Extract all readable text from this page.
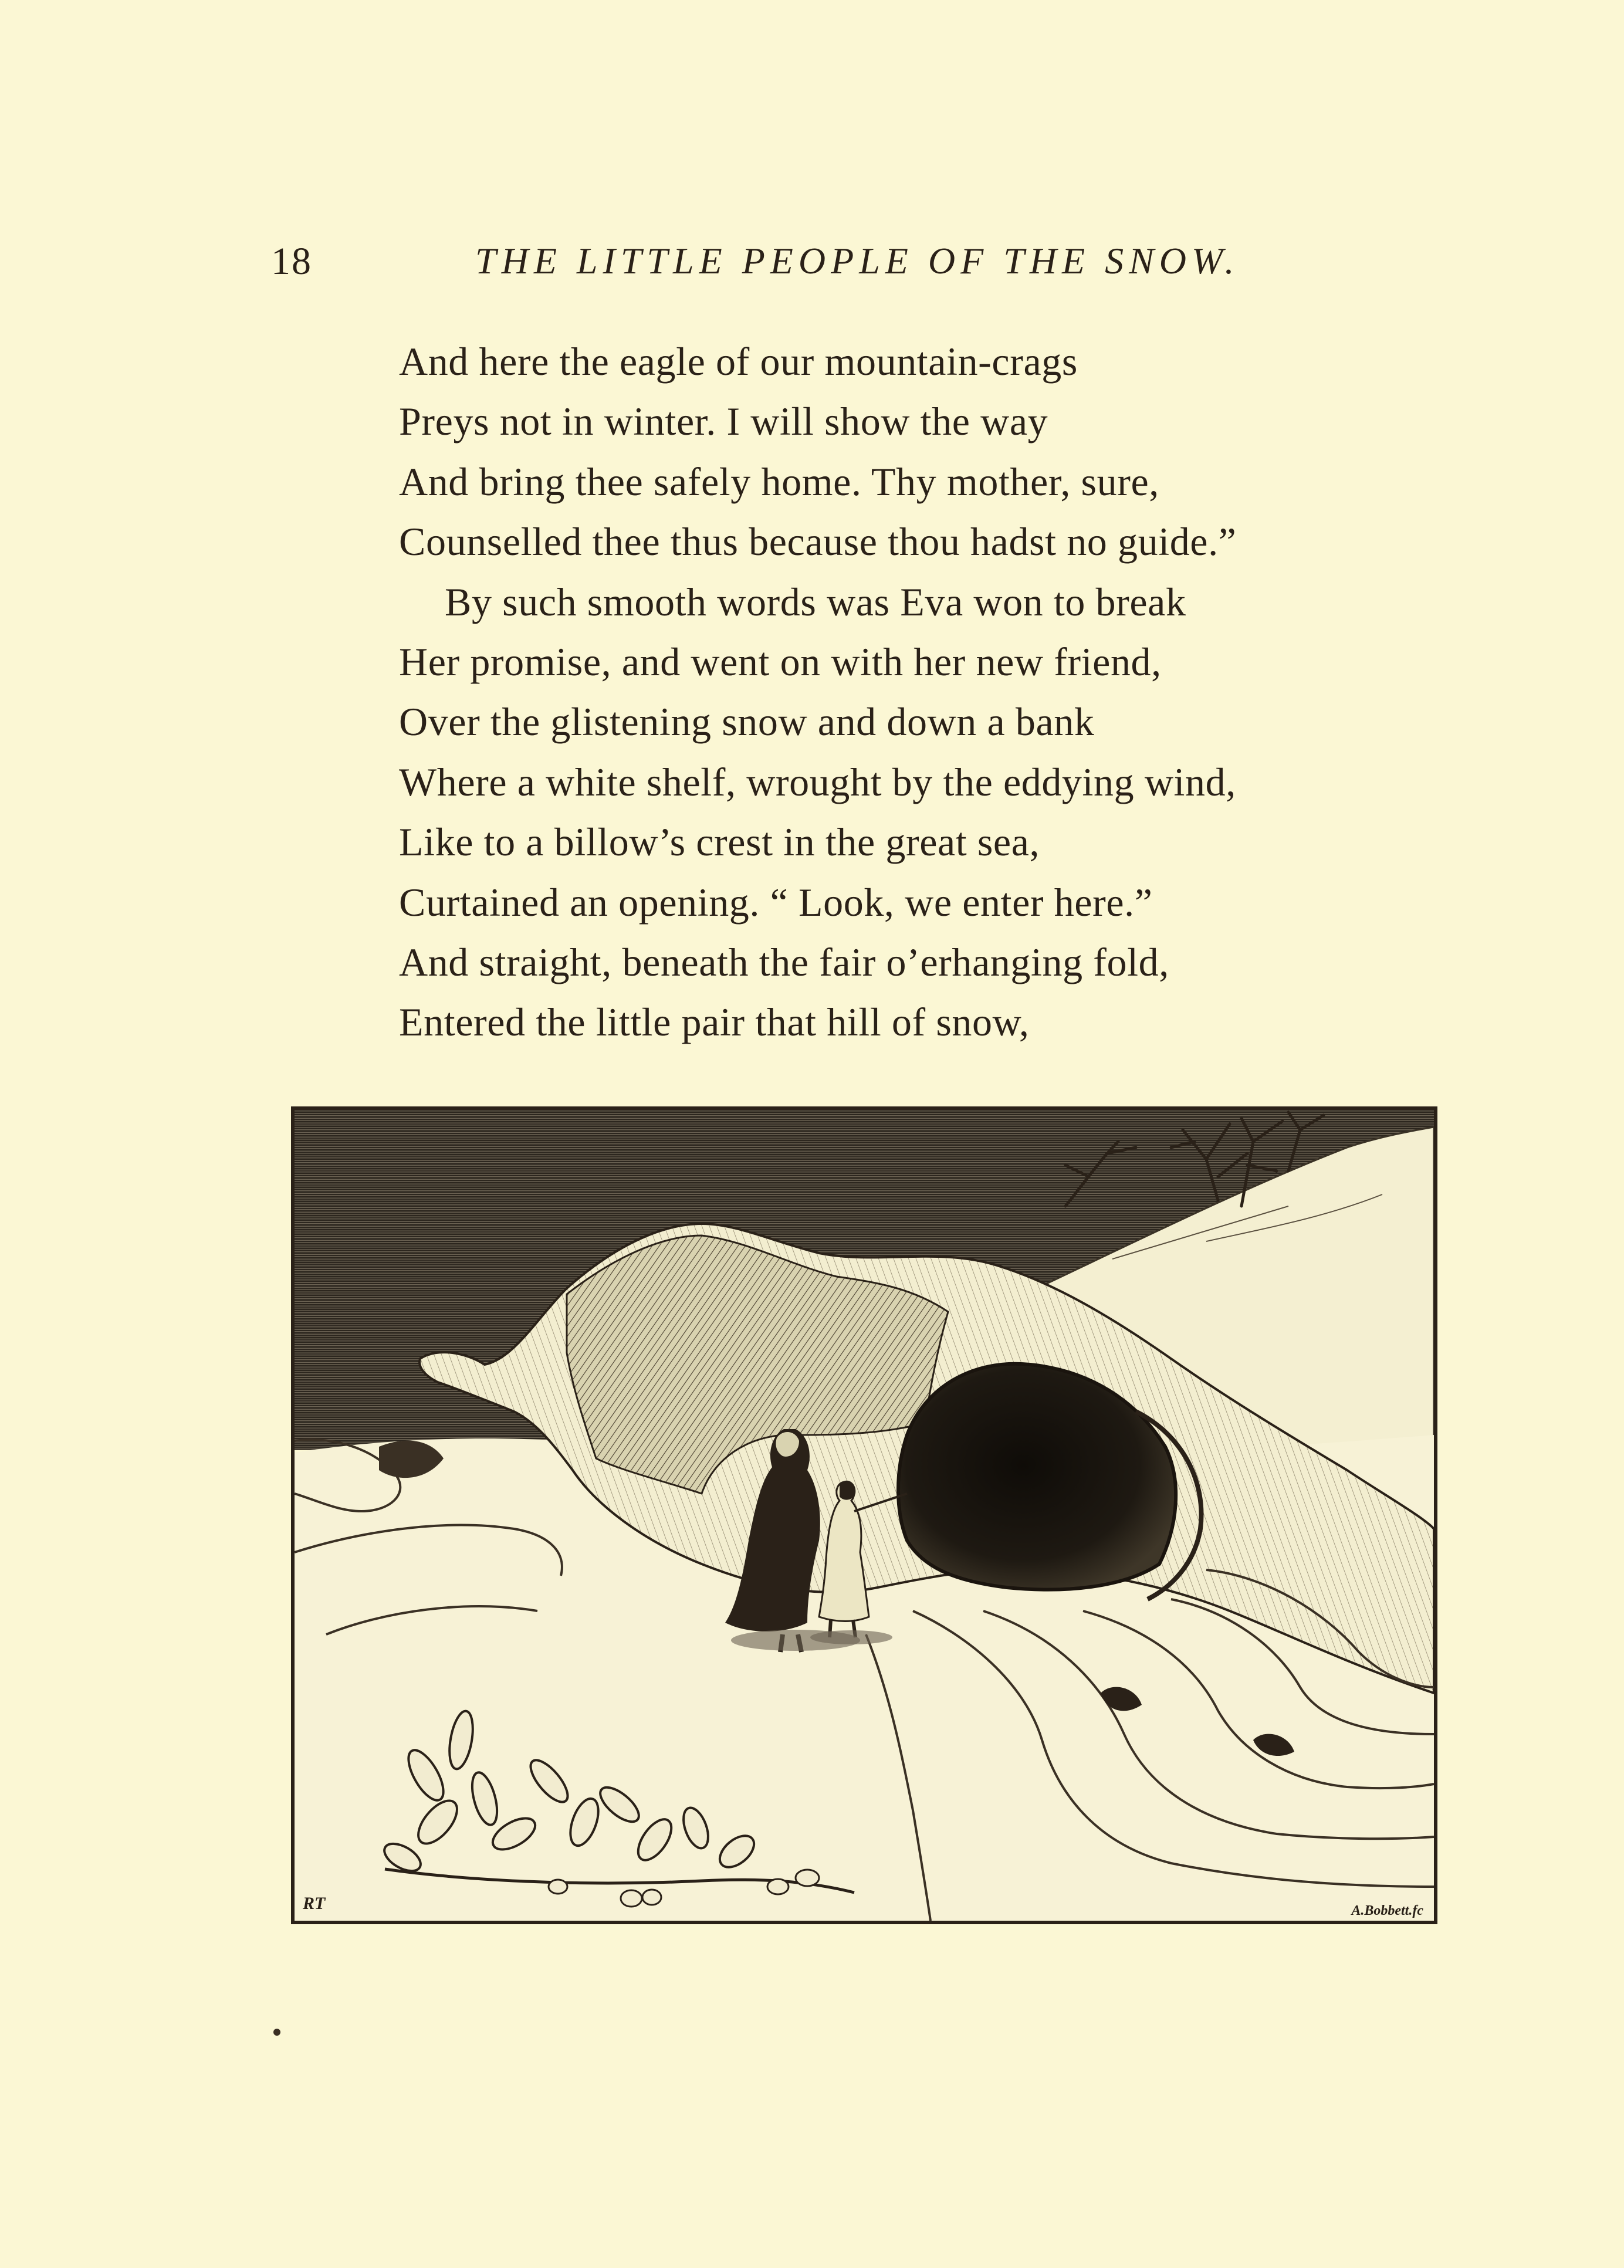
18	THE LITTLE PEOPLE OF THE SNOW.
And here the eagle of our mountain-crags
Preys not in winter. I will show the way
And bring thee safely home. Thy mother, sure,
Counselled thee thus because thou hadst no guide.”
By such smooth words was Eva won to break
Her promise, and went on with her new friend,
Over the glistening snow and down a bank
Where a white shelf, wrought by the eddying wind,
Like to a billow’s crest in the great sea,
Curtained an opening. “ Look, we enter here.”
And straight, beneath the fair o’erhanging fold,
Entered the little pair that hill of snow,
RT	A.Bobbett.fc
